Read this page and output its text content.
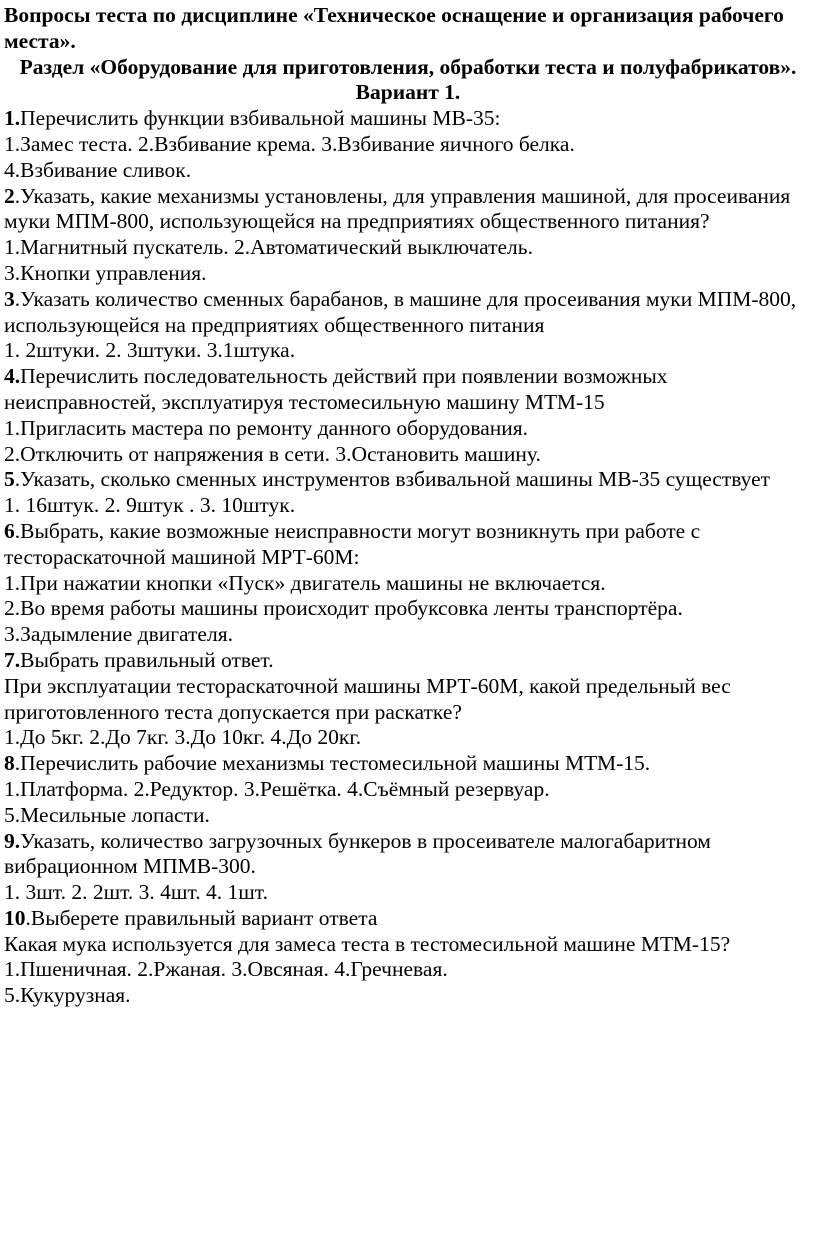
Вопросы теста по дисциплине «Техническое оснащение и организация рабочего места».

Раздел «Оборудование для приготовления, обработки теста и полуфабрикатов».

Вариант 1.

1.Перечислить функции взбивальной машины МВ-35:

1.Замес теста. 2.Взбивание крема. 3.Взбивание яичного белка.

4.Взбивание сливок.

2.Указать, какие механизмы установлены, для управления машиной, для просеивания муки МПМ-800, использующейся на предприятиях общественного питания?

1.Магнитный пускатель. 2.Автоматический выключатель.

3.Кнопки управления.

3.Указать количество сменных барабанов, в машине для просеивания муки МПМ-800, использующейся на предприятиях общественного питания

1. 2штуки. 2. 3штуки. 3.1штука.

4.Перечислить последовательность действий при появлении возможных неисправностей, эксплуатируя тестомесильную машину МТМ-15

1.Пригласить мастера по ремонту данного оборудования.

2.Отключить от напряжения в сети. 3.Остановить машину.

5.Указать, сколько сменных инструментов взбивальной машины МВ-35 существует

1. 16штук. 2. 9штук . 3. 10штук.

6.Выбрать, какие возможные неисправности могут возникнуть при работе с тестораскаточной машиной МРТ-60М:

1.При нажатии кнопки «Пуск» двигатель машины не включается.

2.Во время работы машины происходит пробуксовка ленты транспортёра.

3.Задымление двигателя.

7.Выбрать правильный ответ.

При эксплуатации тестораскаточной машины МРТ-60М, какой предельный вес приготовленного теста допускается при раскатке?

1.До 5кг. 2.До 7кг. 3.До 10кг. 4.До 20кг.

8.Перечислить рабочие механизмы тестомесильной машины МТМ-15.

1.Платформа. 2.Редуктор. 3.Решётка. 4.Съёмный резервуар.

5.Месильные лопасти.

9.Указать, количество загрузочных бункеров в просеивателе малогабаритном вибрационном МПМВ-300.

1. 3шт. 2. 2шт. 3. 4шт. 4. 1шт.

10.Выберете правильный вариант ответа

Какая мука используется для замеса теста в тестомесильной машине МТМ-15?

1.Пшеничная. 2.Ржаная. 3.Овсяная. 4.Гречневая.

5.Кукурузная.
